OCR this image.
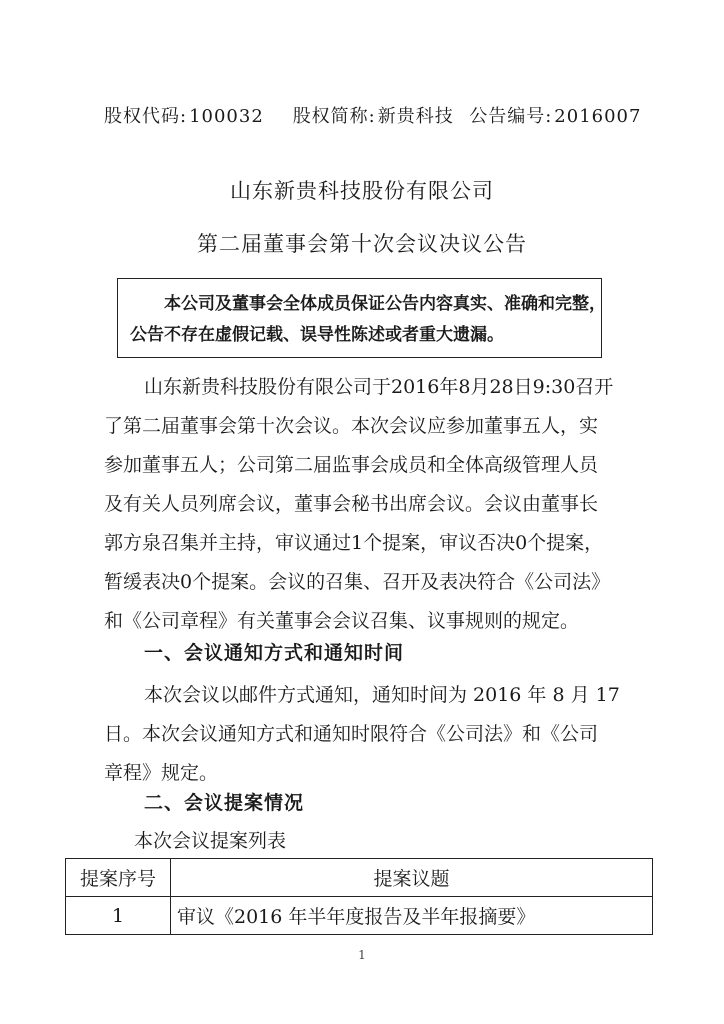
股权代码: 100032 股权简称: 新贵科技 公告编号: 2016007
山东新贵科技股份有限公司
第二届董事会第十次会议决议公告
本公司及董事会全体成员保证公告内容真实、准确和完整，
公告不存在虚假记载、误导性陈述或者重大遗漏。
山东新贵科技股份有限公司于2016年8月28日9:30召开
了第二届董事会第十次会议。本次会议应参加董事五人，实
参加董事五人；公司第二届监事会成员和全体高级管理人员
及有关人员列席会议，董事会秘书出席会议。会议由董事长
郭方泉召集并主持，审议通过1个提案，审议否决0个提案，
暂缓表决0个提案。会议的召集、召开及表决符合《公司法》
和《公司章程》有关董事会会议召集、议事规则的规定。
一、会议通知方式和通知时间
本次会议以邮件方式通知，通知时间为 2016 年 8 月 17
日。本次会议通知方式和通知时限符合《公司法》和《公司
章程》规定。
二、会议提案情况
本次会议提案列表
提案序号	提案议题
1	审议《2016 年半年度报告及半年报摘要》
1
